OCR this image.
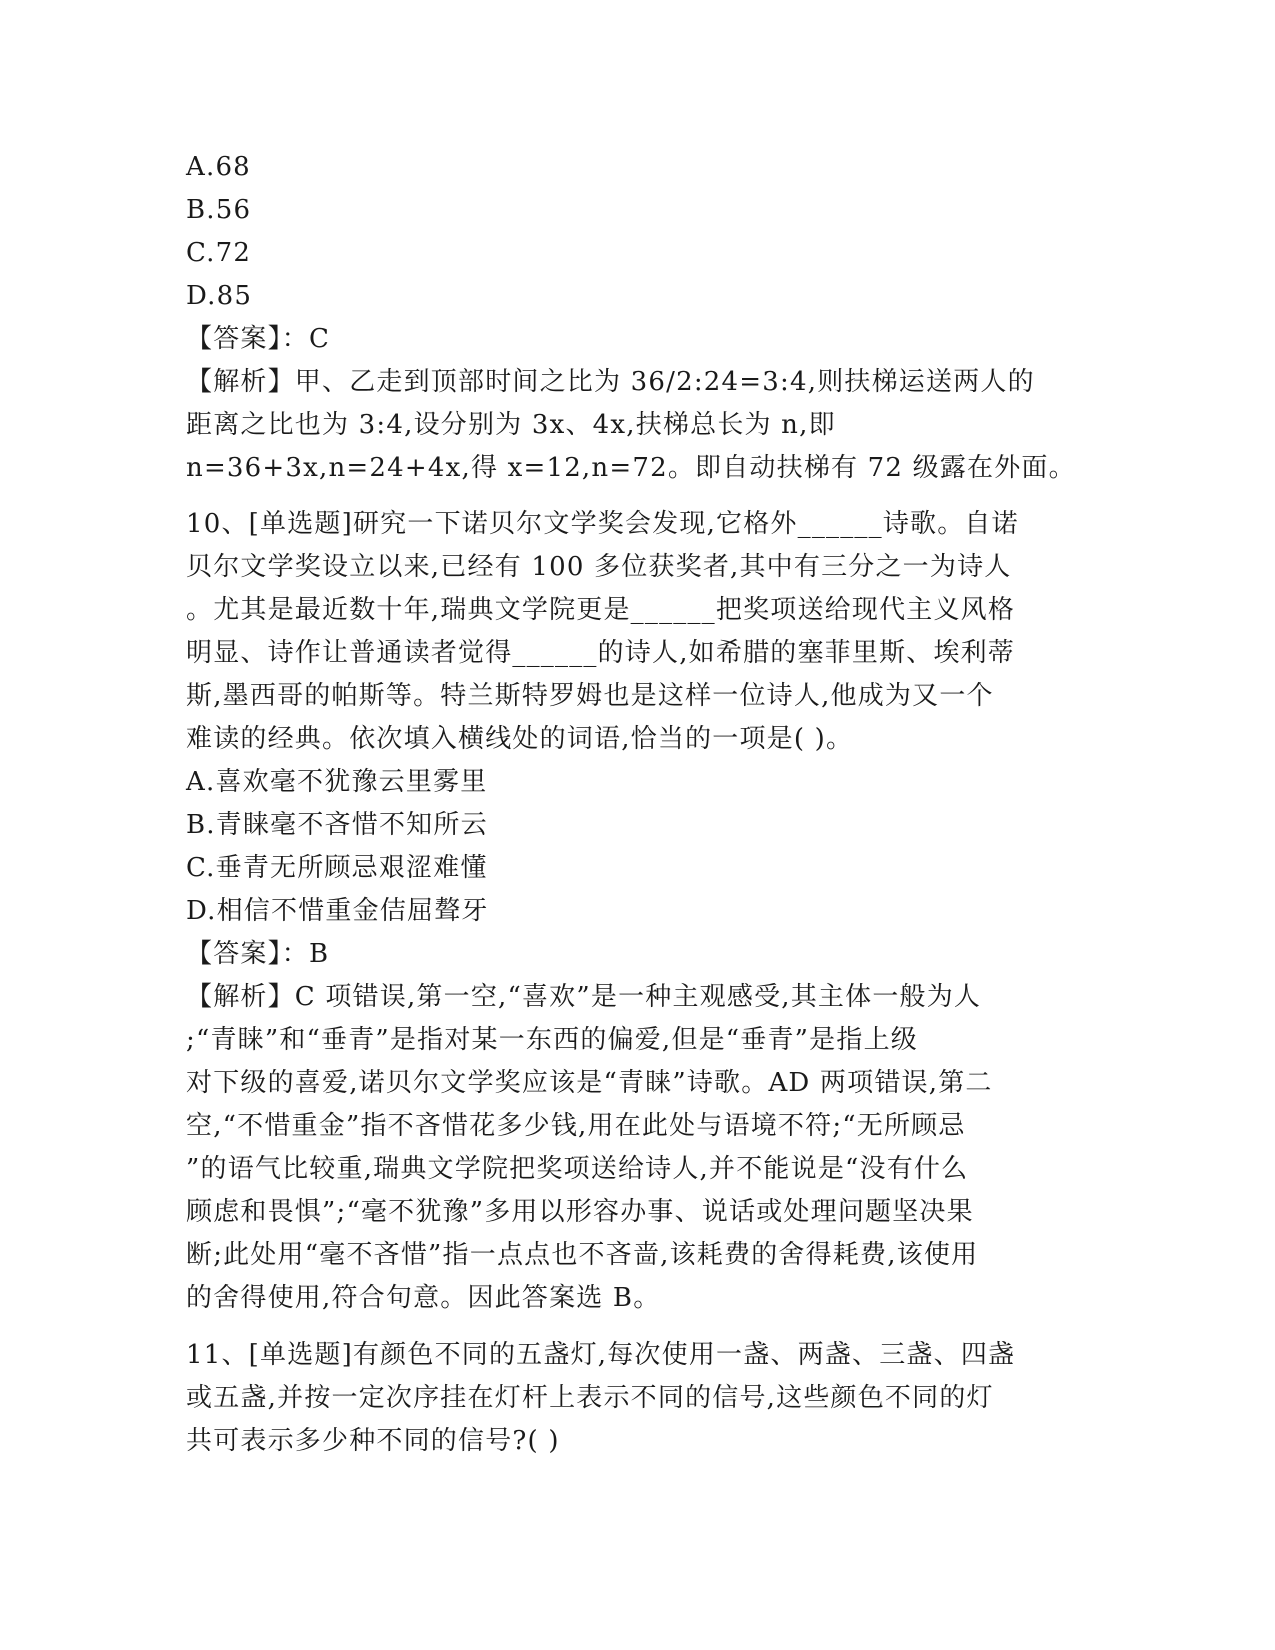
A.68
B.56
C.72
D.85
【答案】：C
【解析】甲、乙走到顶部时间之比为 36/2:24=3:4,则扶梯运送两人的
距离之比也为 3:4,设分别为 3x、4x,扶梯总长为 n,即
n=36+3x,n=24+4x,得 x=12,n=72。即自动扶梯有 72 级露在外面。
10、[单选题]研究一下诺贝尔文学奖会发现,它格外______诗歌。自诺
贝尔文学奖设立以来,已经有 100 多位获奖者,其中有三分之一为诗人
。尤其是最近数十年,瑞典文学院更是______把奖项送给现代主义风格
明显、诗作让普通读者觉得______的诗人,如希腊的塞菲里斯、埃利蒂
斯,墨西哥的帕斯等。特兰斯特罗姆也是这样一位诗人,他成为又一个
难读的经典。依次填入横线处的词语,恰当的一项是( )。
A.喜欢毫不犹豫云里雾里
B.青睐毫不吝惜不知所云
C.垂青无所顾忌艰涩难懂
D.相信不惜重金佶屈聱牙
【答案】：B
【解析】C 项错误,第一空,“喜欢”是一种主观感受,其主体一般为人
;“青睐”和“垂青”是指对某一东西的偏爱,但是“垂青”是指上级
对下级的喜爱,诺贝尔文学奖应该是“青睐”诗歌。AD 两项错误,第二
空,“不惜重金”指不吝惜花多少钱,用在此处与语境不符;“无所顾忌
”的语气比较重,瑞典文学院把奖项送给诗人,并不能说是“没有什么
顾虑和畏惧”;“毫不犹豫”多用以形容办事、说话或处理问题坚决果
断;此处用“毫不吝惜”指一点点也不吝啬,该耗费的舍得耗费,该使用
的舍得使用,符合句意。因此答案选 B。
11、[单选题]有颜色不同的五盏灯,每次使用一盏、两盏、三盏、四盏
或五盏,并按一定次序挂在灯杆上表示不同的信号,这些颜色不同的灯
共可表示多少种不同的信号?( )
